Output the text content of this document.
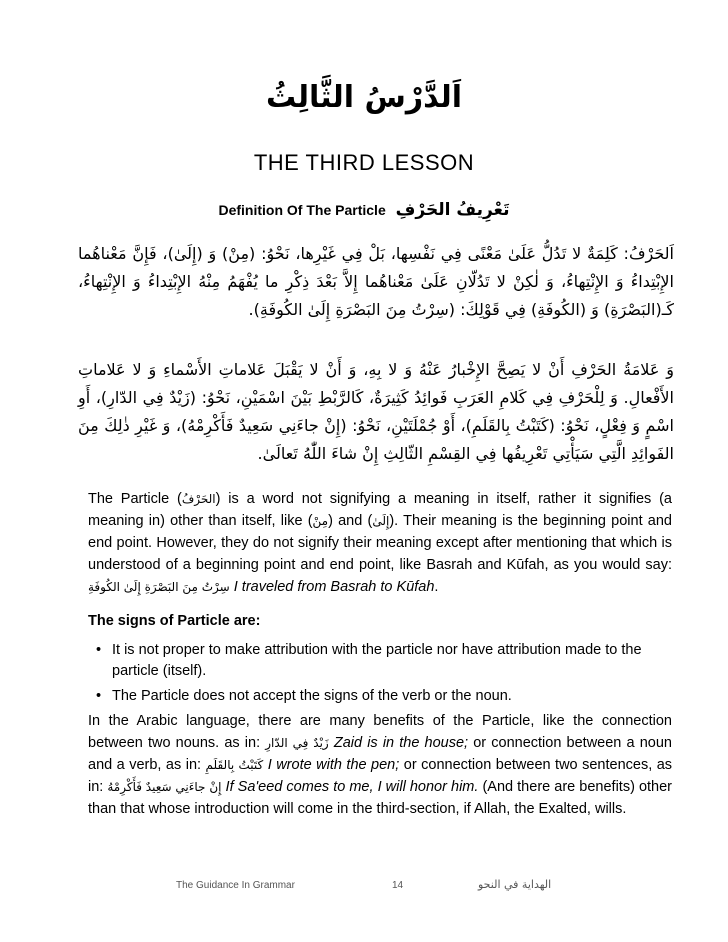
اَلدَّرْسُ الثَّالِثُ
THE THIRD LESSON
Definition Of The Particle تَعْرِيفُ الحَرْفِ
اَلحَرْفُ: كَلِمَةٌ لا تَدُلُّ عَلَىٰ مَعْنًى فِي نَفْسِها، بَلْ فِي غَيْرِها، نَحْوُ: (مِنْ) وَ (إِلَىٰ)، فَإِنَّ مَعْناهُما الإِبْتِداءُ وَ الإِنْتِهاءُ، وَ لٰكِنْ لا تَدُلّانِ عَلَىٰ مَعْناهُما إِلاَّ بَعْدَ ذِكْرِ ما يُفْهَمُ مِنْهُ الإِبْتِداءُ وَ الإِنْتِهاءُ، كَـ(البَصْرَةِ) وَ (الكُوفَةِ) فِي قَوْلِكَ: (سِرْتُ مِنَ البَصْرَةِ إِلَىٰ الكُوفَةِ).
وَ عَلامَةُ الحَرْفِ أَنْ لا يَصِحَّ الإِخْبارُ عَنْهُ وَ لا بِهِ، وَ أَنْ لا يَقْبَلَ عَلاماتِ الأَسْماءِ وَ لا عَلاماتِ الأَفْعالِ. وَ لِلْحَرْفِ فِي كَلامِ العَرَبِ فَوائِدُ كَثِيرَةٌ، كَالرَّبْطِ بَيْنَ اسْمَيْنِ، نَحْوُ: (زَيْدٌ فِي الدّارِ)، أَوِ اسْمٍ وَ فِعْلٍ، نَحْوُ: (كَتَبْتُ بِالقَلَمِ)، أَوْ جُمْلَتَيْنِ، نَحْوُ: (إِنْ جاءَنِي سَعِيدٌ فَأَكْرِمْهُ)، وَ غَيْرِ ذٰلِكَ مِنَ الفَوائِدِ الَّتِي سَيَأْتِي تَعْرِيفُها فِي القِسْمِ الثّالِثِ إِنْ شاءَ اللّٰهُ تَعالَىٰ.
The Particle (الحَرْفُ) is a word not signifying a meaning in itself, rather it signifies (a meaning in) other than itself, like (مِنْ) and (إِلَىٰ). Their meaning is the beginning point and end point. However, they do not signify their meaning except after mentioning that which is understood of a beginning point and end point, like Basrah and Kūfah, as you would say: سِرْتُ مِنَ البَصْرَةِ إِلَىٰ الكُوفَةِ I traveled from Basrah to Kūfah.
The signs of Particle are:
• It is not proper to make attribution with the particle nor have attribution made to the particle (itself).
• The Particle does not accept the signs of the verb or the noun.
In the Arabic language, there are many benefits of the Particle, like the connection between two nouns. as in: زَيْدٌ فِي الدّارِ Zaid is in the house; or connection between a noun and a verb, as in: كَتَبْتُ بِالقَلَمِ I wrote with the pen; or connection between two sentences, as in: إِنْ جاءَنِي سَعِيدٌ فَأَكْرِمْهُ If Sa'eed comes to me, I will honor him. (And there are benefits) other than that whose introduction will come in the third-section, if Allah, the Exalted, wills.
The Guidance In Grammar	14	الهداية في النحو
